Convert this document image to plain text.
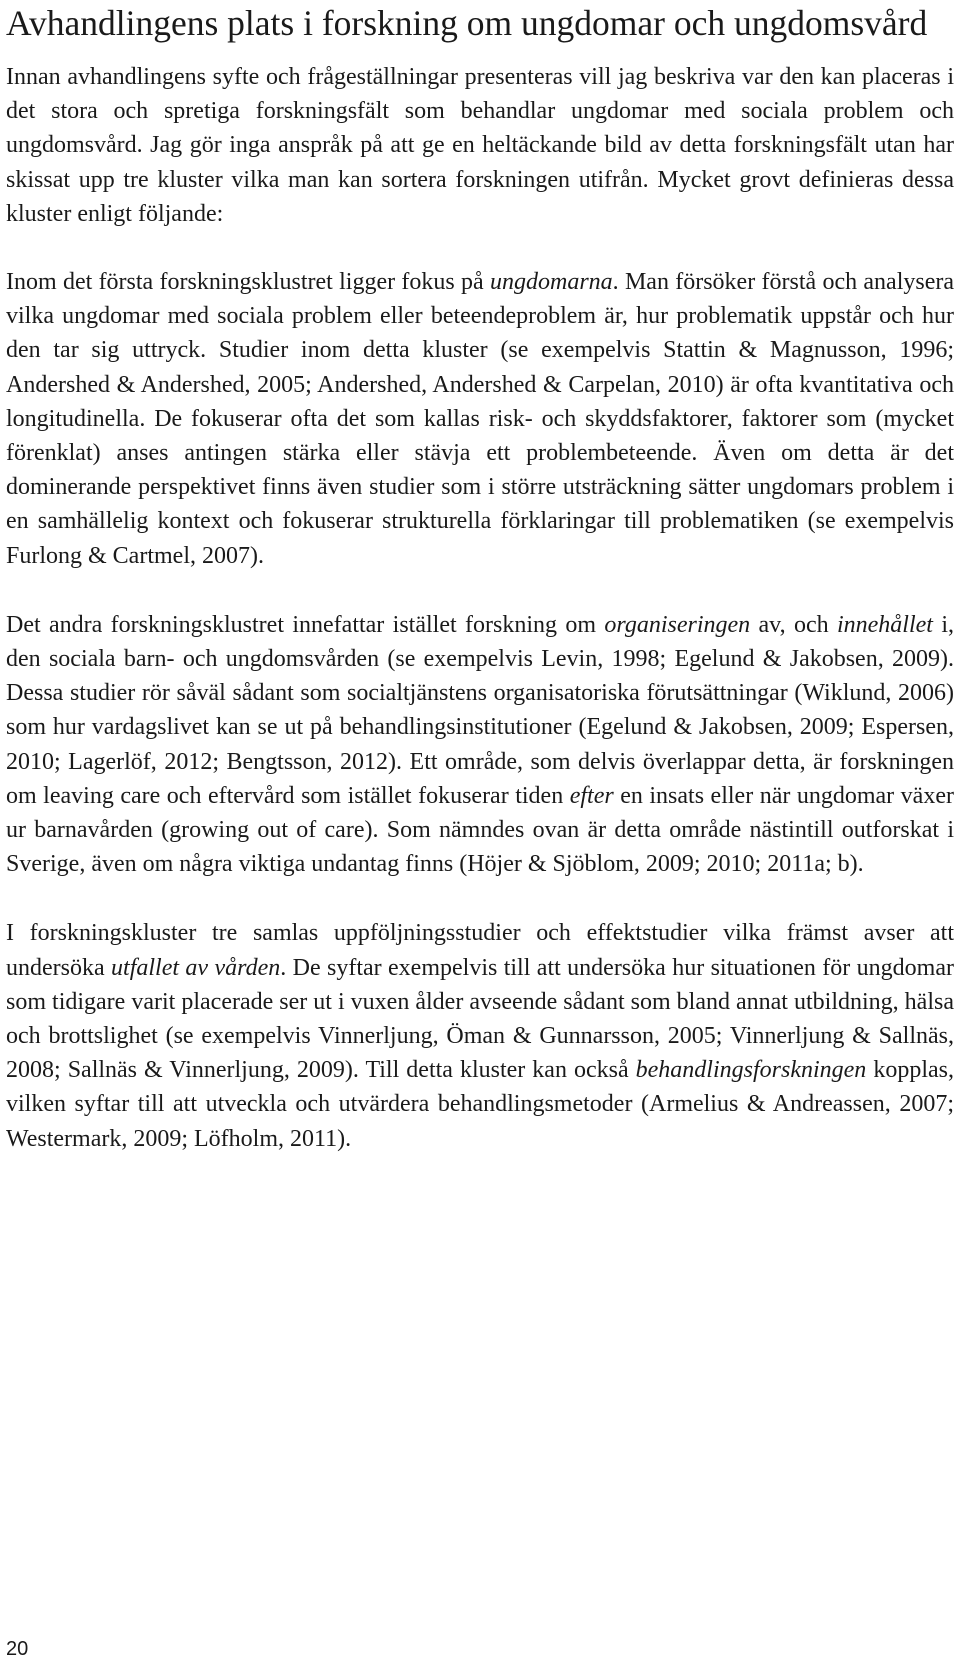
Avhandlingens plats i forskning om ungdomar och ungdomsvård

Innan avhandlingens syfte och frågeställningar presenteras vill jag beskriva var den kan placeras i det stora och spretiga forskningsfält som behandlar ungdomar med sociala problem och ungdomsvård. Jag gör inga anspråk på att ge en heltäckande bild av detta forskningsfält utan har skissat upp tre kluster vilka man kan sortera forskningen utifrån. Mycket grovt definieras dessa kluster enligt följande:

Inom det första forskningsklustret ligger fokus på ungdomarna. Man försöker förstå och analysera vilka ungdomar med sociala problem eller beteendeproblem är, hur problematik uppstår och hur den tar sig uttryck. Studier inom detta kluster (se exempelvis Stattin & Magnusson, 1996; Andershed & Andershed, 2005; Andershed, Andershed & Carpelan, 2010) är ofta kvantitativa och longitudinella. De fokuserar ofta det som kallas risk- och skyddsfaktorer, faktorer som (mycket förenklat) anses antingen stärka eller stävja ett problembeteende. Även om detta är det dominerande perspektivet finns även studier som i större utsträckning sätter ungdomars problem i en samhällelig kontext och fokuserar strukturella förklaringar till problematiken (se exempelvis Furlong & Cartmel, 2007).

Det andra forskningsklustret innefattar istället forskning om organiseringen av, och innehållet i, den sociala barn- och ungdomsvården (se exempelvis Levin, 1998; Egelund & Jakobsen, 2009). Dessa studier rör såväl sådant som socialtjänstens organisatoriska förutsättningar (Wiklund, 2006) som hur vardagslivet kan se ut på behandlingsinstitutioner (Egelund & Jakobsen, 2009; Espersen, 2010; Lagerlöf, 2012; Bengtsson, 2012). Ett område, som delvis överlappar detta, är forskningen om leaving care och eftervård som istället fokuserar tiden efter en insats eller när ungdomar växer ur barnavården (growing out of care). Som nämndes ovan är detta område nästintill outforskat i Sverige, även om några viktiga undantag finns (Höjer & Sjöblom, 2009; 2010; 2011a; b).

I forskningskluster tre samlas uppföljningsstudier och effektstudier vilka främst avser att undersöka utfallet av vården. De syftar exempelvis till att undersöka hur situationen för ungdomar som tidigare varit placerade ser ut i vuxen ålder avseende sådant som bland annat utbildning, hälsa och brottslighet (se exempelvis Vinnerljung, Öman & Gunnarsson, 2005; Vinnerljung & Sallnäs, 2008; Sallnäs & Vinnerljung, 2009). Till detta kluster kan också behandlingsforskningen kopplas, vilken syftar till att utveckla och utvärdera behandlingsmetoder (Armelius & Andreassen, 2007; Westermark, 2009; Löfholm, 2011).

20
